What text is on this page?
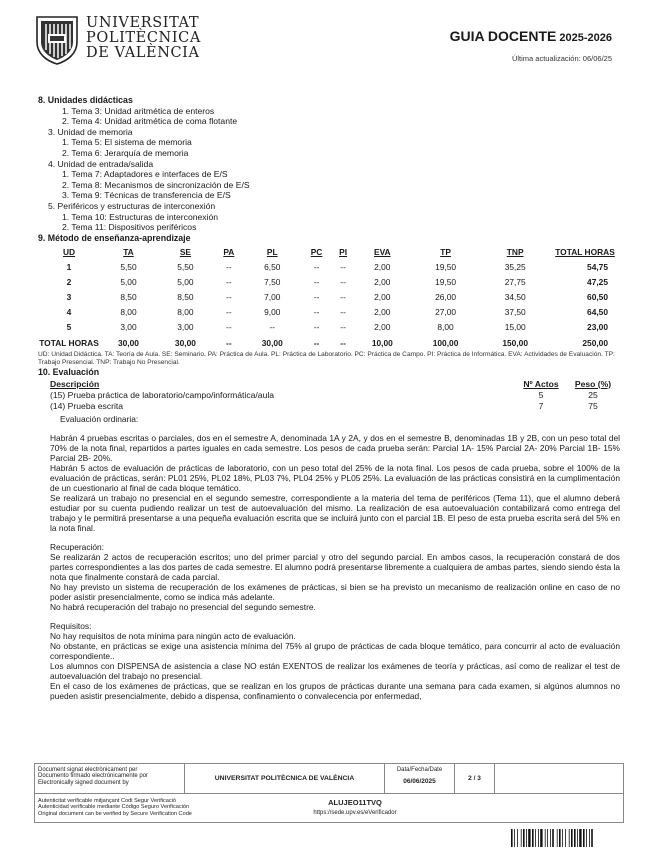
UNIVERSITAT
POLITÈCNICA
DE VALÈNCIA
GUIA DOCENTE 2025-2026
Última actualización: 06/06/25
8. Unidades didácticas
1. Tema 3: Unidad aritmética de enteros
2. Tema 4: Unidad aritmética de coma flotante
3. Unidad de memoria
1. Tema 5: El sistema de memoria
2. Tema 6: Jerarquía de memoria
4. Unidad de entrada/salida
1. Tema 7: Adaptadores e interfaces de E/S
2. Tema 8: Mecanismos de sincronización de E/S
3. Tema 9: Técnicas de transferencia de E/S
5. Periféricos y estructuras de interconexión
1. Tema 10: Estructuras de interconexión
2. Tema 11: Dispositivos periféricos
9. Método de enseñanza-aprendizaje
UD	TA	SE	PA	PL	PC	PI	EVA	TP	TNP	TOTAL HORAS
1	5,50	5,50	--	6,50	--	--	2,00	19,50	35,25	54,75
2	5,00	5,00	--	7,50	--	--	2,00	19,50	27,75	47,25
3	8,50	8,50	--	7,00	--	--	2,00	26,00	34,50	60,50
4	8,00	8,00	--	9,00	--	--	2,00	27,00	37,50	64,50
5	3,00	3,00	--	--	--	--	2,00	8,00	15,00	23,00
TOTAL HORAS	30,00	30,00	--	30,00	--	--	10,00	100,00	150,00	250,00
UD: Unidad Didáctica. TA: Teoría de Aula. SE: Seminario. PA: Práctica de Aula. PL: Práctica de Laboratorio. PC: Práctica de Campo. PI: Práctica de Informática. EVA: Actividades de Evaluación. TP: Trabajo Presencial. TNP: Trabajo No Presencial.
10. Evaluación
Descripción	Nº Actos	Peso (%)
(15) Prueba práctica de laboratorio/campo/informática/aula	5	25
(14) Prueba escrita	7	75

Evaluación ordinaria:

Habrán 4 pruebas escritas o parciales, dos en el semestre A, denominada 1A y 2A, y dos en el semestre B, denominadas 1B y 2B, con un peso total del 70% de la nota final, repartidos a partes iguales en cada semestre. Los pesos de cada prueba serán: Parcial 1A- 15% Parcial 2A- 20% Parcial 1B- 15% Parcial 2B- 20%.

Habrán 5 actos de evaluación de prácticas de laboratorio, con un peso total del 25% de la nota final. Los pesos de cada prueba, sobre el 100% de la evaluación de prácticas, serán: PL01 25%, PL02 18%, PL03 7%, PL04 25% y PL05 25%. La evaluación de las prácticas consistirá en la cumplimentación de un cuestionario al final de cada bloque temático.

Se realizará un trabajo no presencial en el segundo semestre, correspondiente a la materia del tema de periféricos (Tema 11), que el alumno deberá estudiar por su cuenta pudiendo realizar un test de autoevaluación del mismo. La realización de esa autoevaluación contabilizará como entrega del trabajo y le permitirá presentarse a una pequeña evaluación escrita que se incluirá junto con el parcial 1B. El peso de esta prueba escrita será del 5% en la nota final.

Recuperación:

Se realizarán 2 actos de recuperación escritos; uno del primer parcial y otro del segundo parcial. En ambos casos, la recuperación constará de dos partes correspondientes a las dos partes de cada semestre. El alumno podrá presentarse libremente a cualquiera de ambas partes, siendo siendo ésta la nota que finalmente constará de cada parcial.

No hay previsto un sistema de recuperación de los exámenes de prácticas, si bien se ha previsto un mecanismo de realización online en caso de no poder asistir presencialmente, como se indica más adelante.

No habrá recuperación del trabajo no presencial del segundo semestre.

Requisitos:

No hay requisitos de nota mínima para ningún acto de evaluación.

No obstante, en prácticas se exige una asistencia mínima del 75% al grupo de prácticas de cada bloque temático, para concurrir al acto de evaluación correspondiente..

Los alumnos con DISPENSA de asistencia a clase NO están EXENTOS de realizar los exámenes de teoría y prácticas, así como de realizar el test de autoevaluación del trabajo no presencial.

En el caso de los exámenes de prácticas, que se realizan en los grupos de prácticas durante una semana para cada examen, si algúnos alumnos no pueden asistir presencialmente, debido a dispensa, confinamiento o convalecencia por enfermedad,

Document signat electrònicament per
Documento firmado electrónicamente por
Electronically signed document by
UNIVERSITAT POLITÈCNICA DE VALÈNCIA
Data/Fecha/Date
06/06/2025	2 / 3
Autenticitat verificable mitjançant Codi Segur Verificació
Autenticidad verificable mediante Código Seguro Verificación
Original document can be verified by Secure Verification Code
ALUJEO11TVQ
https://sede.upv.es/eVerificador
